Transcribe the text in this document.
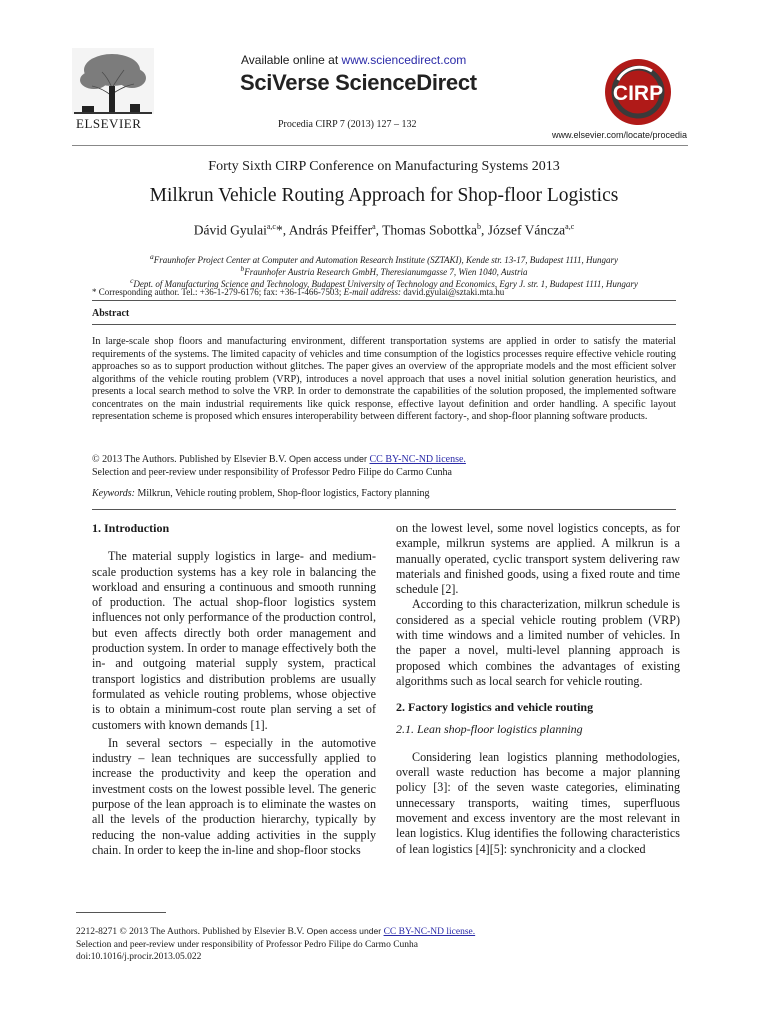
ELSEVIER
Available online at www.sciencedirect.com
SciVerse ScienceDirect
Procedia CIRP 7 (2013) 127 – 132
CIRP
www.elsevier.com/locate/procedia
Forty Sixth CIRP Conference on Manufacturing Systems 2013
Milkrun Vehicle Routing Approach for Shop-floor Logistics
Dávid Gyulai$^{a,c}$*, András Pfeiffer$^a$, Thomas Sobottka$^b$, József Váncza$^{a,c}$
$^a$Fraunhofer Project Center at Computer and Automation Research Institute (SZTAKI), Kende str. 13-17, Budapest 1111, Hungary
$^b$Fraunhofer Austria Research GmbH, Theresianumgasse 7, Wien 1040, Austria
$^c$Dept. of Manufacturing Science and Technology, Budapest University of Technology and Economics, Egry J. str. 1, Budapest 1111, Hungary
* Corresponding author. Tel.: +36-1-279-6176; fax: +36-1-466-7503; E-mail address: david.gyulai@sztaki.mta.hu
Abstract
In large-scale shop floors and manufacturing environment, different transportation systems are applied in order to satisfy the material requirements of the systems. The limited capacity of vehicles and time consumption of the logistics processes require effective vehicle routing approaches so as to support production without glitches. The paper gives an overview of the appropriate models and the most efficient solver algorithms of the vehicle routing problem (VRP), introduces a novel approach that uses a novel initial solution generation heuristics, and presents a local search method to solve the VRP. In order to demonstrate the capabilities of the solution proposed, the implemented software concentrates on the main industrial requirements like quick response, effective layout definition and order handling. A specific layout representation scheme is proposed which ensures interoperability between different factory-, and shop-floor planning software products.
© 2013 The Authors. Published by Elsevier B.V. Open access under CC BY-NC-ND license.
Selection and peer-review under responsibility of Professor Pedro Filipe do Carmo Cunha
Keywords: Milkrun, Vehicle routing problem, Shop-floor logistics, Factory planning

1. Introduction

The material supply logistics in large- and medium-scale production systems has a key role in balancing the workload and ensuring a continuous and smooth running of production. The actual shop-floor logistics system influences not only performance of the production control, but even affects directly both order management and production system. In order to manage effectively both the in- and outgoing material supply system, practical transport logistics and distribution problems are usually formulated as vehicle routing problems, whose objective is to obtain a minimum-cost route plan serving a set of customers with known demands [1].

In several sectors – especially in the automotive industry – lean techniques are successfully applied to increase the productivity and keep the operation and investment costs on the lowest possible level. The generic purpose of the lean approach is to eliminate the wastes on all the levels of the production hierarchy, typically by reducing the non-value adding activities in the supply chain. In order to keep the in-line and shop-floor stocks

on the lowest level, some novel logistics concepts, as for example, milkrun systems are applied. A milkrun is a manually operated, cyclic transport system delivering raw materials and finished goods, using a fixed route and time schedule [2].

According to this characterization, milkrun schedule is considered as a special vehicle routing problem (VRP) with time windows and a limited number of vehicles. In the paper a novel, multi-level planning approach is proposed which combines the advantages of existing algorithms such as local search for vehicle routing.

2. Factory logistics and vehicle routing

2.1. Lean shop-floor logistics planning

Considering lean logistics planning methodologies, overall waste reduction has become a major planning policy [3]: of the seven waste categories, eliminating unnecessary transports, waiting times, superfluous movement and excess inventory are the most relevant in lean logistics. Klug identifies the following characteristics of lean logistics [4][5]: synchronicity and a clocked

2212-8271 © 2013 The Authors. Published by Elsevier B.V. Open access under CC BY-NC-ND license.
Selection and peer-review under responsibility of Professor Pedro Filipe do Carmo Cunha
doi:10.1016/j.procir.2013.05.022
